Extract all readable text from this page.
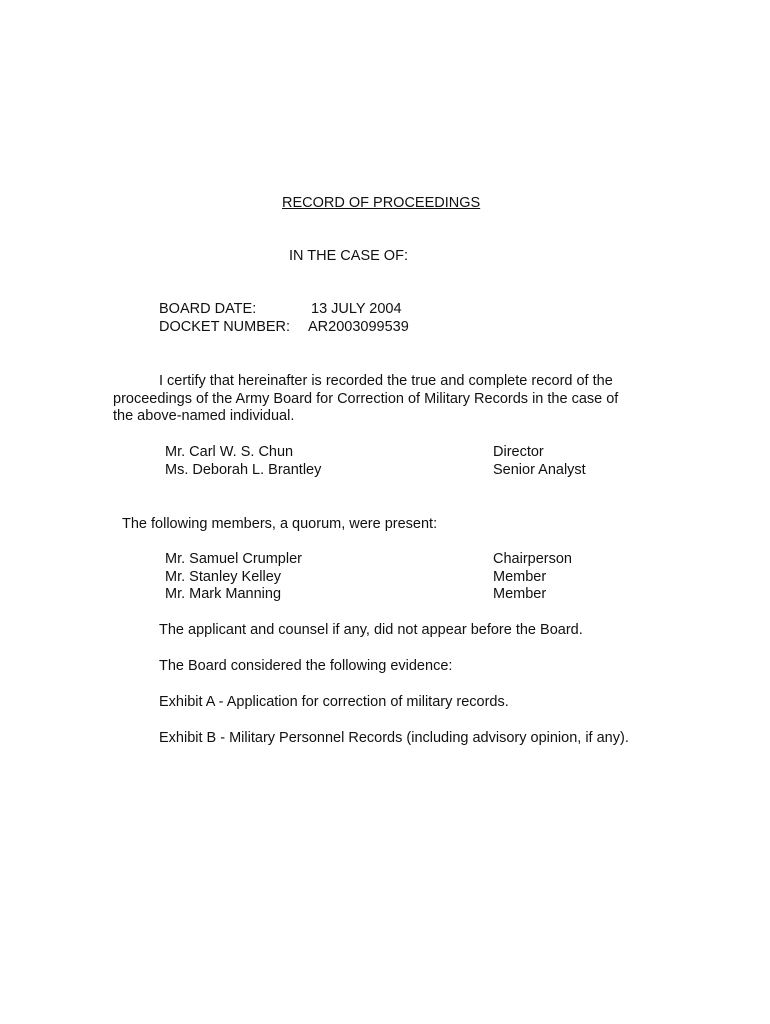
RECORD OF PROCEEDINGS
IN THE CASE OF:
BOARD DATE:	13 JULY 2004
DOCKET NUMBER: AR2003099539
I certify that hereinafter is recorded the true and complete record of the
proceedings of the Army Board for Correction of Military Records in the case of
the above-named individual.
Mr. Carl W. S. Chun	Director
Ms. Deborah L. Brantley	Senior Analyst
The following members, a quorum, were present:
Mr. Samuel Crumpler	Chairperson
Mr. Stanley Kelley	Member
Mr. Mark Manning	Member
The applicant and counsel if any, did not appear before the Board.
The Board considered the following evidence:
Exhibit A - Application for correction of military records.
Exhibit B - Military Personnel Records (including advisory opinion, if any).
